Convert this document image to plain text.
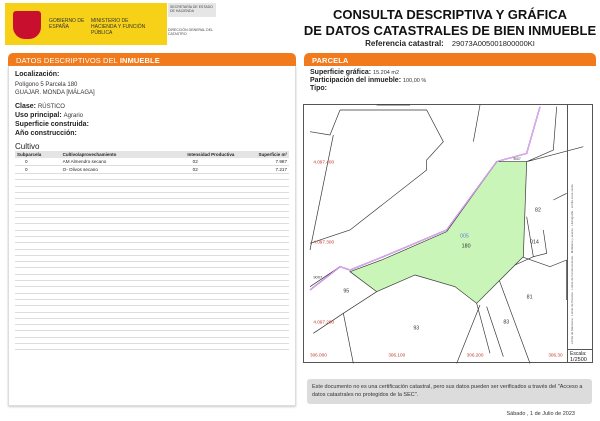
GOBIERNO DE ESPAÑA
MINISTERIO DE HACIENDA Y FUNCIÓN PÚBLICA
SECRETARÍA DE ESTADO DE HACIENDA
DIRECCIÓN GENERAL DEL CATASTRO
CONSULTA DESCRIPTIVA Y GRÁFICA
DE DATOS CATASTRALES DE BIEN INMUEBLE
Referencia catastral: 29073A005001800000KI
DATOS DESCRIPTIVOS DEL INMUEBLE
Localización:
Polígono 5 Parcela 180
GUAJAR. MONDA [MÁLAGA]
Clase: RÚSTICO
Uso principal: Agrario
Superficie construida:
Año construcción:
Cultivo
Subparcela	Cultivo/aprovechamiento	Intensidad Productiva	Superficie m²
0	AM Almendro secano	02	7.987
0	O- Olivos secano	02	7.217

PARCELA
Superficie gráfica: 15.204 m2
Participación del inmueble: 100,00 %
Tipo:
4.097.400
4.097.300
4.097.200
306.000	306.100	306.200	306.30
005
180
95
93
83
81
82
014
9007
9007
Límite de Manzana · Límite de Parcela · Límite de Construcciones · Mobiliario y aceras · Hidrografía · Límite zona verde
Escala:
1/2500
Este documento no es una certificación catastral, pero sus datos pueden ser verificados a través del "Acceso a datos catastrales no protegidos de la SEC".
Sábado , 1 de Julio de 2023
